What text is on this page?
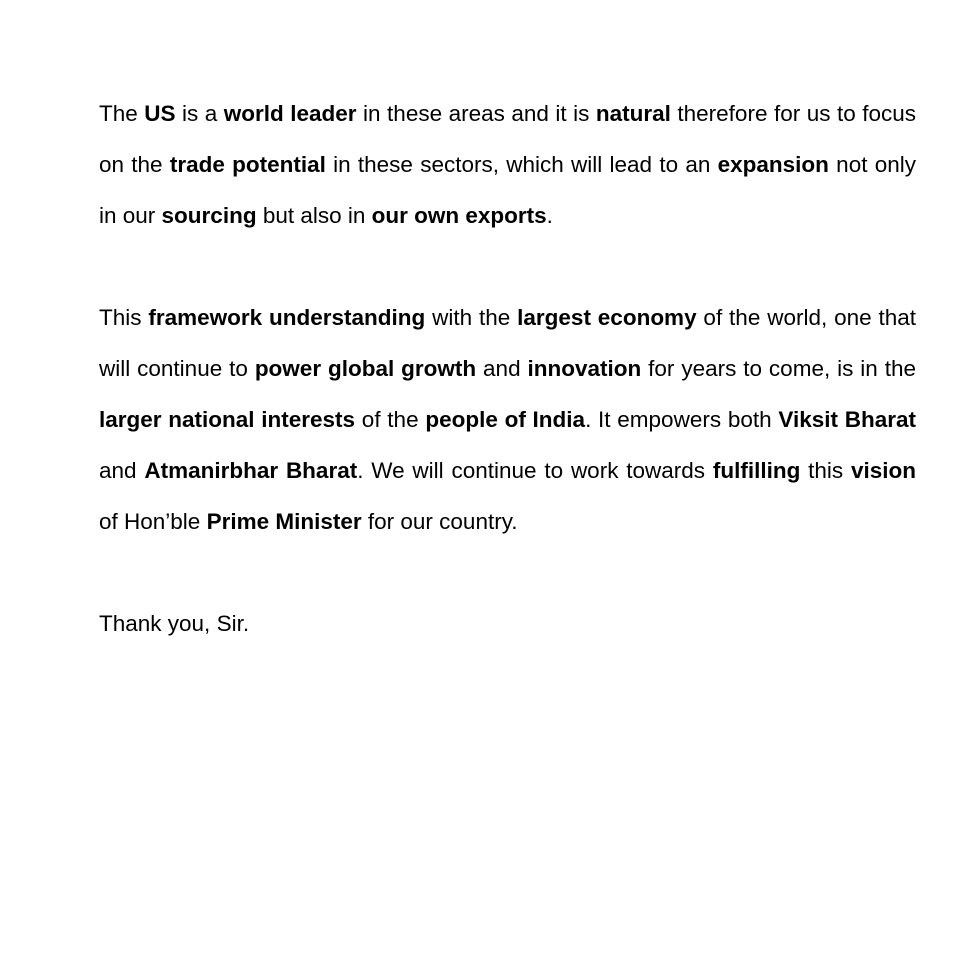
The US is a world leader in these areas and it is natural therefore for us to focus on the trade potential in these sectors, which will lead to an expansion not only in our sourcing but also in our own exports.

This framework understanding with the largest economy of the world, one that will continue to power global growth and innovation for years to come, is in the larger national interests of the people of India. It empowers both Viksit Bharat and Atmanirbhar Bharat. We will continue to work towards fulfilling this vision of Hon’ble Prime Minister for our country.

Thank you, Sir.
